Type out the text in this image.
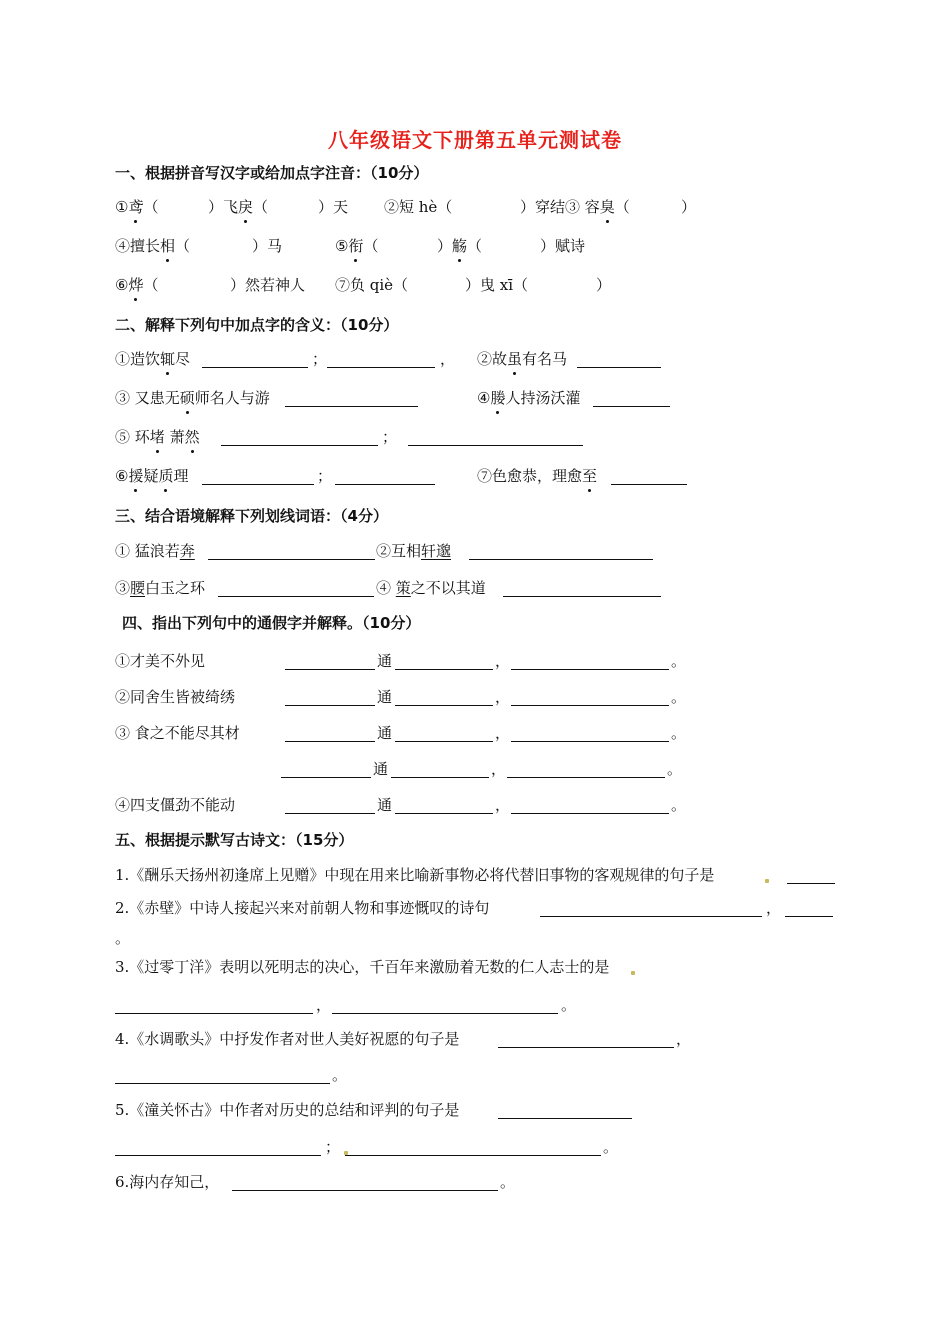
八年级语文下册第五单元测试卷
一、根据拼音写汉字或给加点字注音：（10分）
①鸢（	）飞戾（	）天 ②短 hè（	）穿结③ 容臭（	）
④擅长相（	）马	⑤衔（	）觞（	）赋诗
⑥烨（	）然若神人 ⑦负 qiè（	）曳 xī（	）
二、解释下列句中加点字的含义：（10分）
①造饮辄尽	；	， ②故虽有名马
③ 又患无硕师名人与游	④媵人持汤沃灌
⑤ 环堵 萧然	；
⑥援疑质理	；	⑦色愈恭，理愈至
三、结合语境解释下列划线词语：（4分）
① 猛浪若奔	②互相轩邈
③腰白玉之环	④ 策之不以其道
四、指出下列句中的通假字并解释。（10分）
①才美不外见	通	，	。
②同舍生皆被绮绣	通	，	。
③ 食之不能尽其材	通	，	。
通	，	。
④四支僵劲不能动	通	，	。
五、根据提示默写古诗文：（15分）
1.《酬乐天扬州初逢席上见赠》中现在用来比喻新事物必将代替旧事物的客观规律的句子是
2.《赤壁》中诗人接起兴来对前朝人物和事迹慨叹的诗句	，
。
3.《过零丁洋》表明以死明志的决心，千百年来激励着无数的仁人志士的是
，	。
4.《水调歌头》中抒发作者对世人美好祝愿的句子是	，
。
5.《潼关怀古》中作者对历史的总结和评判的句子是
；	。
6.海内存知己，	。
